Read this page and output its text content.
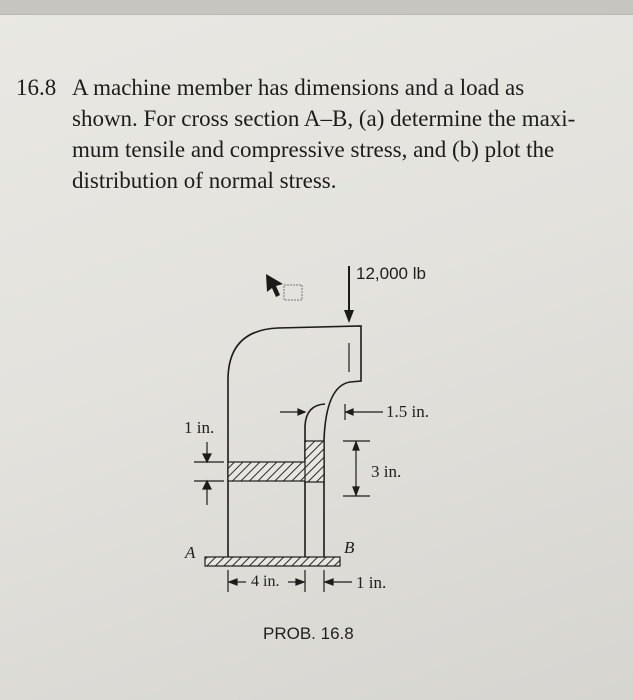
16.8 A machine member has dimensions and a load as
shown. For cross section A–B, (a) determine the maxi-
mum tensile and compressive stress, and (b) plot the
distribution of normal stress.
12,000 lb
1.5 in.
3 in.
1 in.
4 in.	1 in.
A	B
PROB. 16.8
